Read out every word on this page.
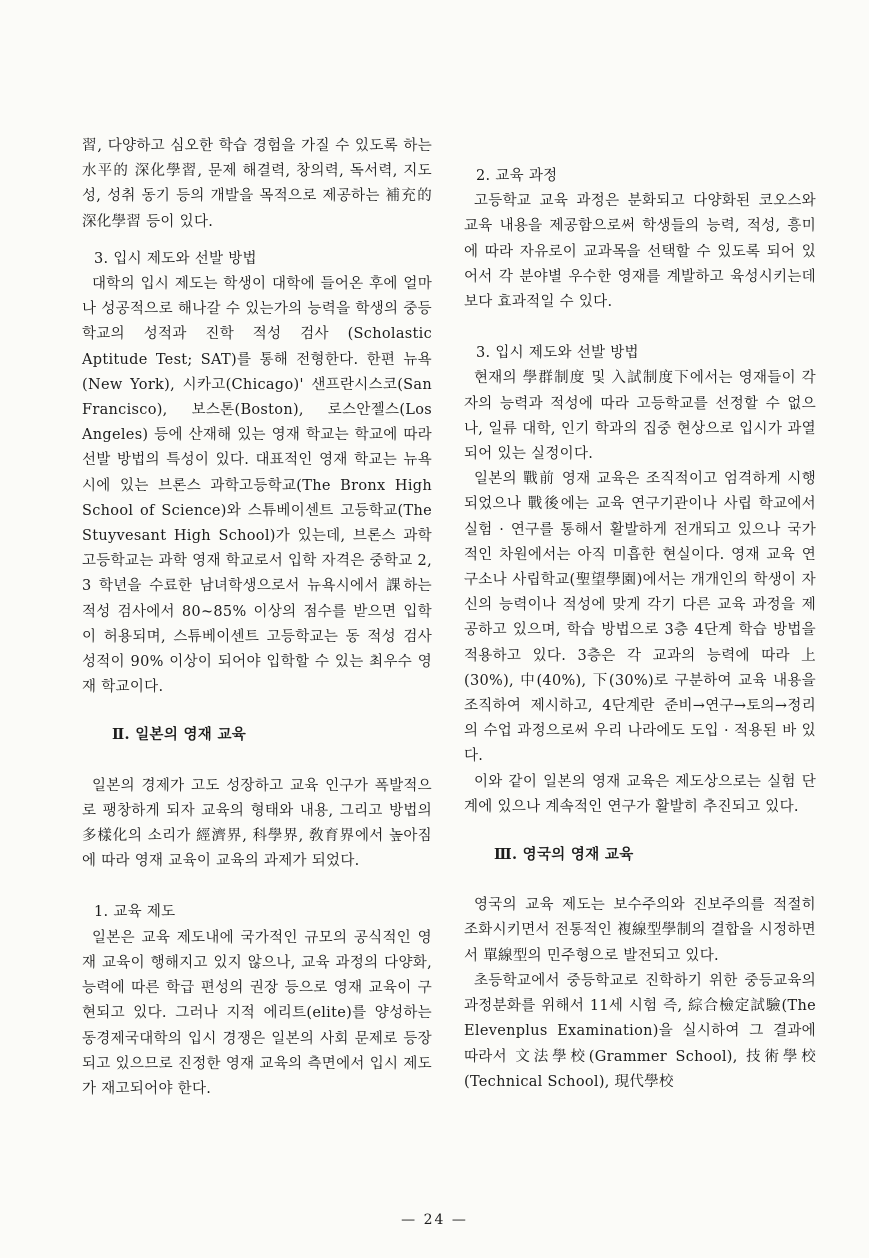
習, 다양하고 심오한 학습 경험을 가질 수 있도록 하는 水平的 深化學習, 문제 해결력, 창의력, 독서력, 지도성, 성취 동기 등의 개발을 목적으로 제공하는 補充的 深化學習 등이 있다.

3. 입시 제도와 선발 방법

대학의 입시 제도는 학생이 대학에 들어온 후에 얼마나 성공적으로 해나갈 수 있는가의 능력을 학생의 중등학교의 성적과 진학 적성 검사 (Scholastic Aptitude Test; SAT)를 통해 전형한다. 한편 뉴욕(New York), 시카고(Chicago)' 샌프란시스코(San Francisco), 보스톤(Boston), 로스안젤스(Los Angeles) 등에 산재해 있는 영재 학교는 학교에 따라 선발 방법의 특성이 있다. 대표적인 영재 학교는 뉴욕시에 있는 브론스 과학고등학교(The Bronx High School of Science)와 스튜베이센트 고등학교(The Stuyvesant High School)가 있는데, 브론스 과학고등학교는 과학 영재 학교로서 입학 자격은 중학교 2, 3 학년을 수료한 남녀학생으로서 뉴욕시에서 課하는 적성 검사에서 80~85% 이상의 점수를 받으면 입학이 허용되며, 스튜베이센트 고등학교는 동 적성 검사 성적이 90% 이상이 되어야 입학할 수 있는 최우수 영재 학교이다.

Ⅱ. 일본의 영재 교육

일본의 경제가 고도 성장하고 교육 인구가 폭발적으로 팽창하게 되자 교육의 형태와 내용, 그리고 방법의 多樣化의 소리가 經濟界, 科學界, 敎育界에서 높아짐에 따라 영재 교육이 교육의 과제가 되었다.

1. 교육 제도

일본은 교육 제도내에 국가적인 규모의 공식적인 영재 교육이 행해지고 있지 않으나, 교육 과정의 다양화, 능력에 따른 학급 편성의 권장 등으로 영재 교육이 구현되고 있다. 그러나 지적 에리트(elite)를 양성하는 동경제국대학의 입시 경쟁은 일본의 사회 문제로 등장되고 있으므로 진정한 영재 교육의 측면에서 입시 제도가 재고되어야 한다.

2. 교육 과정

고등학교 교육 과정은 분화되고 다양화된 코오스와 교육 내용을 제공함으로써 학생들의 능력, 적성, 흥미에 따라 자유로이 교과목을 선택할 수 있도록 되어 있어서 각 분야별 우수한 영재를 계발하고 육성시키는데 보다 효과적일 수 있다.

3. 입시 제도와 선발 방법

현재의 學群制度 및 入試制度下에서는 영재들이 각자의 능력과 적성에 따라 고등학교를 선정할 수 없으나, 일류 대학, 인기 학과의 집중 현상으로 입시가 과열되어 있는 실정이다.

일본의 戰前 영재 교육은 조직적이고 엄격하게 시행되었으나 戰後에는 교육 연구기관이나 사립 학교에서 실험 · 연구를 통해서 활발하게 전개되고 있으나 국가적인 차원에서는 아직 미흡한 현실이다. 영재 교육 연구소나 사립학교(聖望學園)에서는 개개인의 학생이 자신의 능력이나 적성에 맞게 각기 다른 교육 과정을 제공하고 있으며, 학습 방법으로 3층 4단계 학습 방법을 적용하고 있다. 3층은 각 교과의 능력에 따라 上(30%), 中(40%), 下(30%)로 구분하여 교육 내용을 조직하여 제시하고, 4단계란 준비→연구→토의→정리의 수업 과정으로써 우리 나라에도 도입 · 적용된 바 있다.

이와 같이 일본의 영재 교육은 제도상으로는 실험 단계에 있으나 계속적인 연구가 활발히 추진되고 있다.

Ⅲ. 영국의 영재 교육

영국의 교육 제도는 보수주의와 진보주의를 적절히 조화시키면서 전통적인 複線型學制의 결합을 시정하면서 單線型의 민주형으로 발전되고 있다.

초등학교에서 중등학교로 진학하기 위한 중등교육의 과정분화를 위해서 11세 시험 즉, 綜合檢定試驗(The Elevenplus Examination)을 실시하여 그 결과에 따라서 文法學校(Grammer School), 技術學校(Technical School), 現代學校

— 24 —
